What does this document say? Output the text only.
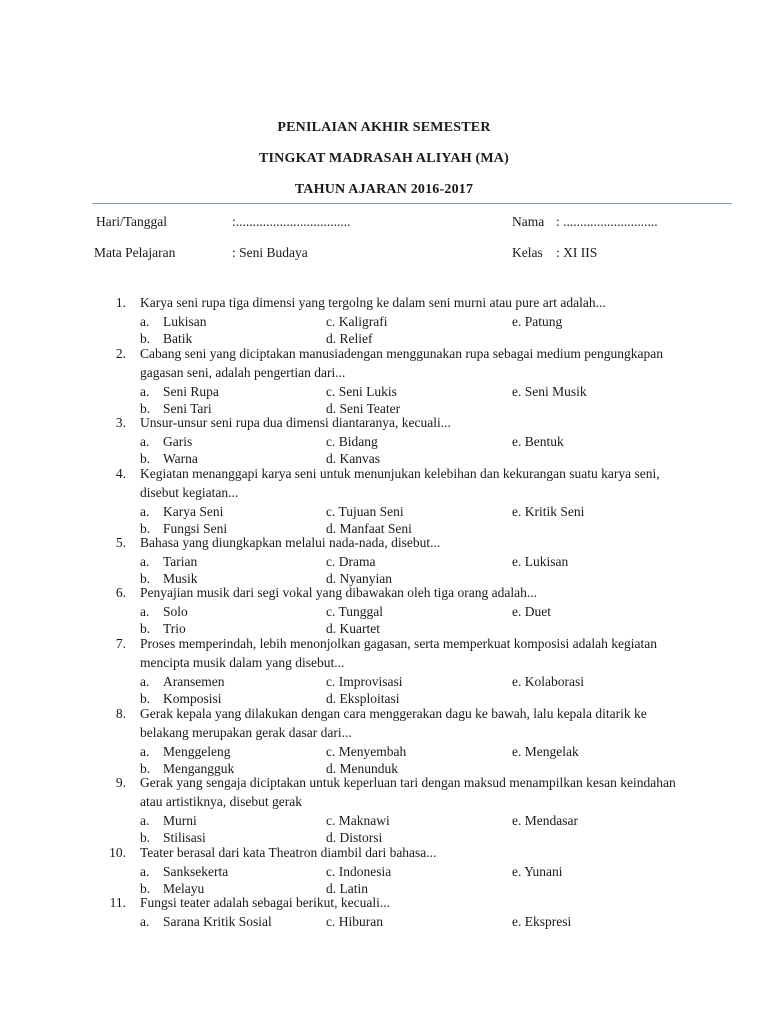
PENILAIAN AKHIR SEMESTER
TINGKAT MADRASAH ALIYAH (MA)
TAHUN AJARAN 2016-2017
Hari/Tanggal	:..................................	Nama : ............................
Mata Pelajaran	: Seni Budaya	Kelas : XI IIS
1. Karya seni rupa tiga dimensi yang tergolng ke dalam seni murni atau pure art adalah...
a. Lukisan	c. Kaligrafi	e. Patung
b. Batik	d. Relief
2. Cabang seni yang diciptakan manusiadengan menggunakan rupa sebagai medium pengungkapan gagasan seni, adalah pengertian dari...
a. Seni Rupa	c. Seni Lukis	e. Seni Musik
b. Seni Tari	d. Seni Teater
3. Unsur-unsur seni rupa dua dimensi diantaranya, kecuali...
a. Garis	c. Bidang	e. Bentuk
b. Warna	d. Kanvas
4. Kegiatan menanggapi karya seni untuk menunjukan kelebihan dan kekurangan suatu karya seni, disebut kegiatan...
a. Karya Seni	c. Tujuan Seni	e. Kritik Seni
b. Fungsi Seni	d. Manfaat Seni
5. Bahasa yang diungkapkan melalui nada-nada, disebut...
a. Tarian	c. Drama	e. Lukisan
b. Musik	d. Nyanyian
6. Penyajian musik dari segi vokal yang dibawakan oleh tiga orang adalah...
a. Solo	c. Tunggal	e. Duet
b. Trio	d. Kuartet
7. Proses memperindah, lebih menonjolkan gagasan, serta memperkuat komposisi adalah kegiatan mencipta musik dalam yang disebut...
a. Aransemen	c. Improvisasi	e. Kolaborasi
b. Komposisi	d. Eksploitasi
8. Gerak kepala yang dilakukan dengan cara menggerakan dagu ke bawah, lalu kepala ditarik ke belakang merupakan gerak dasar dari...
a. Menggeleng	c. Menyembah	e. Mengelak
b. Mengangguk	d. Menunduk
9. Gerak yang sengaja diciptakan untuk keperluan tari dengan maksud menampilkan kesan keindahan atau artistiknya, disebut gerak
a. Murni	c. Maknawi	e. Mendasar
b. Stilisasi	d. Distorsi
10. Teater berasal dari kata Theatron diambil dari bahasa...
a. Sanksekerta	c. Indonesia	e. Yunani
b. Melayu	d. Latin
11. Fungsi teater adalah sebagai berikut, kecuali...
a. Sarana Kritik Sosial	c. Hiburan	e. Ekspresi
